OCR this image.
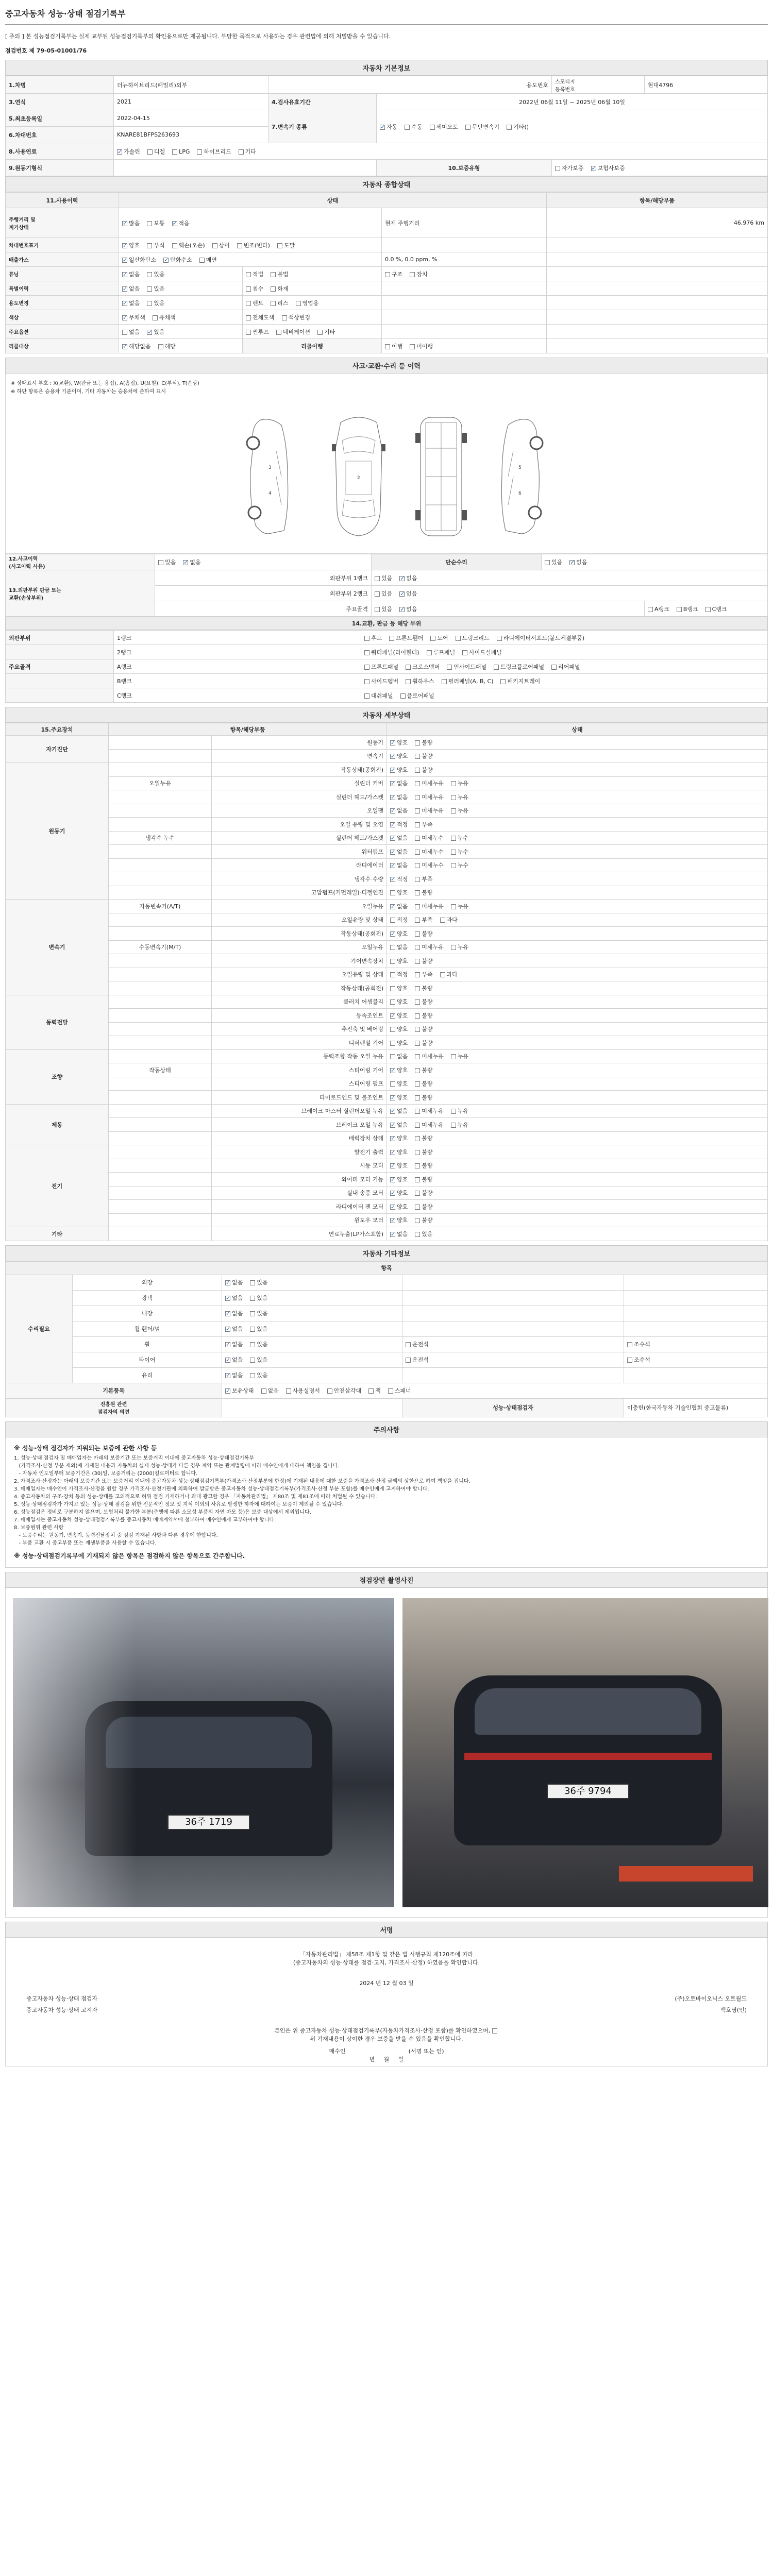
중고자동차 성능·상태 점검기록부
[ 주의 ] 본 성능점검기록부는 실제 교부된 성능점검기록부의 확인용으로만 제공됩니다. 부당한 목적으로 사용하는 경우 관련법에 의해 처벌받을 수 있습니다.
점검번호 제 79-05-01001/76
자동차 기본정보
1.차명	더뉴하이브리드(패밀리)외부	용도번호		스포티지
등록번호	현대4796
3.연식	2021	4.검사유효기간	2022년 06월 11일 ~ 2025년 06월 10일		
5.최초등록일	2022-04-15	7.변속기 종류	
✓자동 수동 세미오토 무단변속기 기타()

6.차대번호	KNARE81BFPS263693				
8.사용연료	
✓가솔린 디젤 LPG 하이브리드 기타

9.원동기형식			10.보증유형	자가보증 ✓ 보험사보증
자동차 종합상태
11.사용이력	상태			항목/해당부품
주행거리 및
계기상태	✓많음 보통 ✓ 적음		현재 주행거리	46,976 km
차대번호표기	✓양호 부식 훼손(오손) 상이 변조(변타) 도말		
배출가스	✓일산화탄소 ✓ 탄화수소 매연		0.0 %, 0.0 ppm, %	
튜닝	✓없음 있음	적법 불법	구조 장치	
특별이력	✓없음 있음	침수 화재		
용도변경	✓없음 있음	렌트 리스 영업용		
색상	✓무채색 유채색	전체도색 색상변경		
주요옵션	없음 ✓ 있음	썬루프 네비게이션 기타		
리콜대상	✓해당없음 해당	리콜이행	이행 미이행	
사고·교환·수리 등 이력
※ 상태표시 부호 : X(교환), W(판금 또는 용접), A(흠집), U(요철), C(부식), T(손상)
※ 하단 항목은 승용차 기준이며, 기타 자동차는 승용차에 준하여 표시
3
4
2
5
6
12.사고이력
(사고이력 사유)	있음 ✓ 없음	단순수리	있음 ✓ 없음

13.외판부위 판금 또는
교환(손상부위)	외판부위 1랭크	있음 ✓ 없음

	외판부위 2랭크	있음 ✓ 없음

	주요골격	있음 ✓ 없음		A랭크 B랭크 C랭크
14.교환, 판금 등 해당 부위
외판부위	1랭크	후드 프론트휀더 도어 트렁크리드 라디에이터서포트(볼트체결부품)
	2랭크	쿼터패널(리어휀더) 루프패널 사이드실패널
주요골격	A랭크	프론트패널 크로스멤버 인사이드패널 트렁크플로어패널 리어패널
	B랭크	사이드멤버 휠하우스 필러패널(A, B, C) 패키지트레이
	C랭크	대쉬패널 플로어패널
자동차 세부상태
15.주요장치	항목/해당부품		상태
자기진단		원동기	✓양호 불량
		변속기	✓양호 불량
원동기		작동상태(공회전)	✓양호 불량
	오일누유	실린더 커버	✓없음 미세누유 누유
		실린더 헤드/가스켓	✓없음 미세누유 누유
		오일팬	✓없음 미세누유 누유
		오일 유량 및 오염	✓적정 부족
	냉각수 누수	실린더 헤드/가스켓	✓없음 미세누수 누수
		워터펌프	✓없음 미세누수 누수
		라디에이터	✓없음 미세누수 누수
		냉각수 수량	✓적정 부족
		고압펌프(커먼레일)-디젤엔진	양호 불량
변속기	자동변속기(A/T)	오일누유	✓없음 미세누유 누유
		오일유량 및 상태	적정 부족 과다
		작동상태(공회전)	✓양호 불량
	수동변속기(M/T)	오일누유	없음 미세누유 누유
		기어변속장치	양호 불량
		오일유량 및 상태	적정 부족 과다
		작동상태(공회전)	양호 불량
동력전달		클러치 어셈블리	양호 불량
		등속조인트	✓양호 불량
		추진축 및 베어링	양호 불량
		디퍼렌셜 기어	양호 불량
조향		동력조향 작동 오일 누유	없음 미세누유 누유
	작동상태	스티어링 기어	✓양호 불량
		스티어링 펌프	양호 불량
		타이로드엔드 및 볼조인트	✓양호 불량
제동		브레이크 마스터 실린더오일 누유	✓없음 미세누유 누유
		브레이크 오일 누유	✓없음 미세누유 누유
		배력장치 상태	✓양호 불량
전기		발전기 출력	✓양호 불량
		시동 모터	✓양호 불량
		와이퍼 모터 기능	✓양호 불량
		실내 송풍 모터	✓양호 불량
		라디에이터 팬 모터	✓양호 불량
		윈도우 모터	✓양호 불량
기타		연료누출(LP가스포함)	✓없음 있음
자동차 기타정보
항목				
수리필요	외장	✓없음 있음		
	광택	✓없음 있음		
	내장	✓없음 있음		
	휠 휀더/넘	✓없음 있음		
	휠	✓없음 있음	운전석	조수석
	타이어	✓없음 있음	운전석	조수석
	유리	✓없음 있음		
기본품목	
✓보유상태 없음 사용설명서 안전삼각대 잭 스패너

진흥원 관련
점검자의 의견			성능·상태점검자	이충헌(한국자동차 기술인협회 중고물류)
주의사항
※ 성능·상태 점검자가 지워되는 보증에 관한 사항 등
1. 성능·상태 점검자 및 매매업자는 아래의 보증기간 또는 보증거리 이내에 중고자동차 성능·상태점검기록부
(가격조사·산정 부분 제외)에 기재된 내용과 자동차의 실제 성능·상태가 다른 경우 계약 또는 관계법령에 따라 매수인에게 대하여 책임을 집니다.
- 자동차 인도일부터 보증기간은 (30)일, 보증거리는 (2000)킬로미터로 합니다.
2. 가격조사·산정자는 아래의 보증기간 또는 보증거리 이내에 중고자동차 성능·상태점검기록부(가격조사·산정부분에 한정)에 기재된 내용에 대한 보증을 가격조사·산정 금액의 상한으로 하여 책임을 집니다.
3. 매매업자는 매수인이 가격조사·산정을 원할 경우 가격조사·산정기관에 의뢰하여 발급받은 중고자동차 성능·상태점검기록부(가격조사·산정 부분 포함)를 매수인에게 고지하여야 합니다.
4. 중고자동차의 구조·장치 등의 성능·상태를 고의적으로 허위 점검 기재하거나 과대 광고할 경우 「자동차관리법」 제80조 및 제81조에 따라 처벌될 수 있습니다.
5. 성능·상태점검자가 가지고 있는 성능·상태 점검을 위한 전문적인 정보 및 지식 이외의 사유로 발생한 하자에 대하여는 보증이 제외될 수 있습니다.
6. 성능점검은 정비로 구분하지 않으며, 보험처리 불가한 부분(주행에 따른 소모성 부품의 자연 마모 등)은 보증 대상에서 제외됩니다.
7. 매매업자는 중고자동차 성능·상태점검기록부를 중고자동차 매매계약서에 첨부하여 매수인에게 교부하여야 합니다.
8. 보증범위 관련 사항
- 보증수리는 원동기, 변속기, 동력전달장치 중 점검 기재된 사항과 다른 경우에 한합니다.
- 부품 교환 시 중고부품 또는 재생부품을 사용할 수 있습니다.
※ 성능·상태점검기록부에 기재되지 않은 항목은 점검하지 않은 항목으로 간주합니다.
점검장면 촬영사진
36주 1719
36주 9794
서명
「자동차관리법」 제58조 제1항 및 같은 법 시행규칙 제120조에 따라
(중고자동차의 성능·상태를 점검·고지, 가격조사·산정) 하였음을 확인합니다.
2024 년 12 월 03 일
중고자동차 성능·상태 점검자	(주)오토바이오닉스 오토월드
중고자동차 성능·상태 고지자	백호영(인)
본인은 위 중고자동차 성능·상태점검기록부(자동차가격조사·산정 포함)를 확인하였으며,
위 기재내용이 상이한 경우 보증을 받을 수 있음을 확인합니다.
매수인                                   (서명 또는 인)
년     월     일
